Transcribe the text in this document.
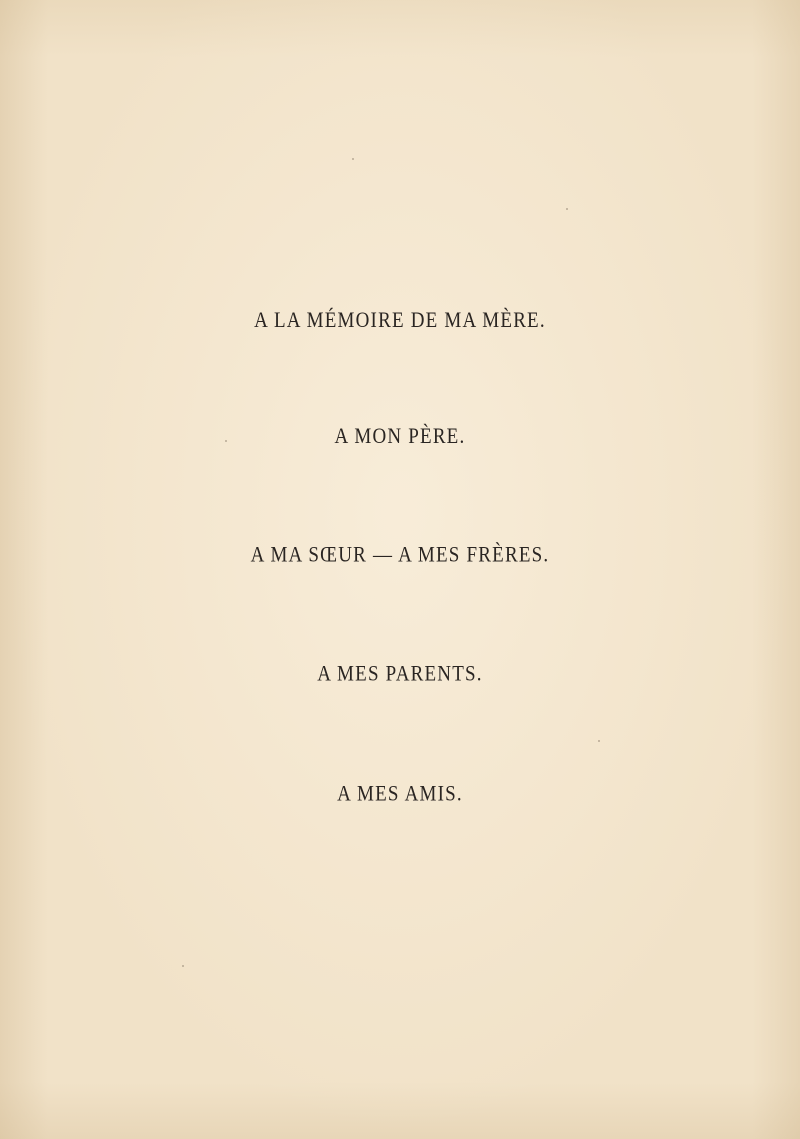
A LA MÉMOIRE DE MA MÈRE.
A MON PÈRE.
A MA SŒUR — A MES FRÈRES.
A MES PARENTS.
A MES AMIS.
